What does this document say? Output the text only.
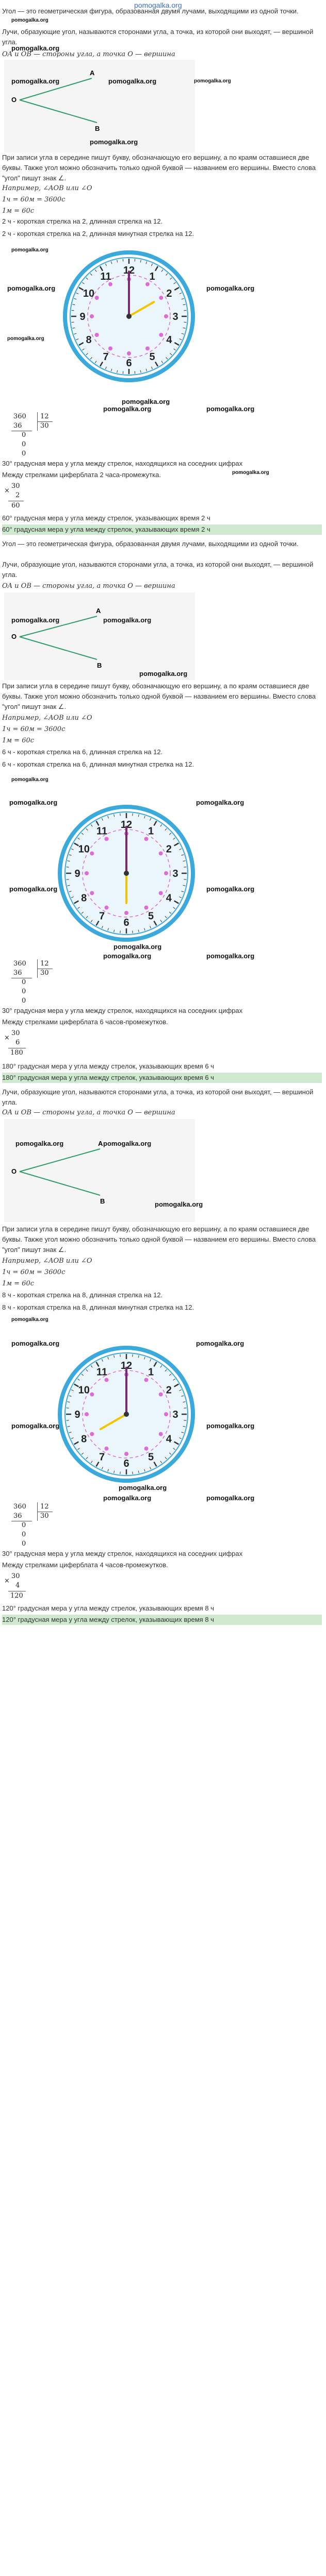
pomogalka.org

Угол — это геометрическая фигура, образованная двумя лучами, выходящими из одной точки.

pomogalka.org

Лучи, образующие угол, называются сторонами угла, а точка, из которой они выходят, — вершиной угла.

pomogalka.org

OA и OB — стороны угла, а точка O — вершина

A
O
B
pomogalka.org	pomogalka.org	pomogalka.org
pomogalka.org

При записи угла в середине пишут букву, обозначающую его вершину, а по краям оставшиеся две буквы. Также угол можно обозначить только одной буквой — названием его вершины. Вместо слова "угол" пишут знак ∠.

Например, ∠AOB или ∠O

1ч = 60м = 3600с

1м = 60с

2 ч - короткая стрелка на 2, длинная стрелка на 12.

2 ч - короткая стрелка на 2, длинная минутная стрелка на 12.

pomogalka.org
pomogalka.org	pomogalka.org
pomogalka.org
pomogalka.org
12
1
2
3
4
5
6
7
8
9
10
11
360 12
36	30
0
0
0
pomogalka.org	pomogalka.org

30° градусная мера у угла между стрелок, находящихся на соседних цифрах

Между стрелками циферблата 2 часа-промежутка.	pomogalka.org
30
×
2
60

60° градусная мера у угла между стрелок, указывающих время 2 ч

60° градусная мера у угла между стрелок, указывающих время 2 ч

Угол — это геометрическая фигура, образованная двумя лучами, выходящими из одной точки.

Лучи, образующие угол, называются сторонами угла, а точка, из которой они выходят, — вершиной угла.

OA и OB — стороны угла, а точка O — вершина

A
O
B
pomogalka.org	pomogalka.org
pomogalka.org

При записи угла в середине пишут букву, обозначающую его вершину, а по краям оставшиеся две буквы. Также угол можно обозначить только одной буквой — названием его вершины. Вместо слова "угол" пишут знак ∠.

Например, ∠AOB или ∠O

1ч = 60м = 3600с

1м = 60с

6 ч - короткая стрелка на 6, длинная стрелка на 12.

6 ч - короткая стрелка на 6, длинная минутная стрелка на 12.

pomogalka.org
pomogalka.org	pomogalka.org
pomogalka.org	pomogalka.org
pomogalka.org
12
1
2
3
4
5
6
7
8
9
10
11
360 12
36	30
0
0
0
pomogalka.org	pomogalka.org

30° градусная мера у угла между стрелок, находящихся на соседних цифрах

Между стрелками циферблата 6 часов-промежутков.

30
×
6
180

180° градусная мера у угла между стрелок, указывающих время 6 ч

180° градусная мера у угла между стрелок, указывающих время 6 ч

Лучи, образующие угол, называются сторонами угла, а точка, из которой они выходят, — вершиной угла.

OA и OB — стороны угла, а точка O — вершина

A
O
B
pomogalka.org	pomogalka.org
pomogalka.org

При записи угла в середине пишут букву, обозначающую его вершину, а по краям оставшиеся две буквы. Также угол можно обозначить только одной буквой — названием его вершины. Вместо слова "угол" пишут знак ∠.

Например, ∠AOB или ∠O

1ч = 60м = 3600с

1м = 60с

8 ч - короткая стрелка на 8, длинная стрелка на 12.

8 ч - короткая стрелка на 8, длинная минутная стрелка на 12.

pomogalka.org
pomogalka.org	pomogalka.org
pomogalka.org	pomogalka.org
pomogalka.org
12
1
2
3
4
5
6
7
8
9
10
11
360 12
36	30
0
0
0
pomogalka.org	pomogalka.org

30° градусная мера у угла между стрелок, находящихся на соседних цифрах

Между стрелками циферблата 4 часов-промежутков.

30
×
4
120

120° градусная мера у угла между стрелок, указывающих время 8 ч

120° градусная мера у угла между стрелок, указывающих время 8 ч
